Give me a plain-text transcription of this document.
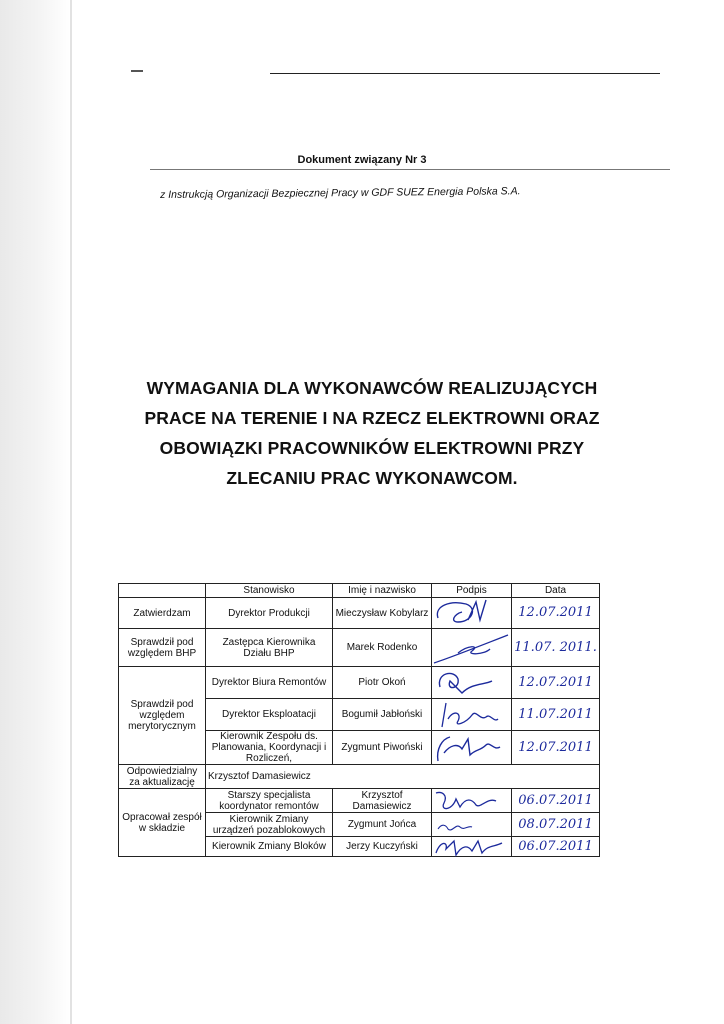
Dokument związany Nr 3
z Instrukcją Organizacji Bezpiecznej Pracy w GDF SUEZ Energia Polska S.A.
WYMAGANIA DLA WYKONAWCÓW REALIZUJĄCYCH
PRACE NA TERENIE I NA RZECZ ELEKTROWNI ORAZ
OBOWIĄZKI PRACOWNIKÓW ELEKTROWNI PRZY
ZLECANIU PRAC WYKONAWCOM.
	Stanowisko	Imię i nazwisko	Podpis	Data
Zatwierdzam	Dyrektor Produkcji	Mieczysław Kobylarz		12.07.2011
Sprawdził pod względem BHP	Zastępca Kierownika Działu BHP	Marek Rodenko		11.07. 2011.
Sprawdził pod względem merytorycznym	Dyrektor Biura Remontów	Piotr Okoń		12.07.2011
	Dyrektor Eksploatacji	Bogumił Jabłoński		11.07.2011
	Kierownik Zespołu ds. Planowania, Koordynacji i Rozliczeń,	Zygmunt Piwoński		12.07.2011
Odpowiedzialny za aktualizację	Krzysztof Damasiewicz			
Opracował zespół w składzie	Starszy specjalista koordynator remontów	Krzysztof Damasiewicz		06.07.2011
	Kierownik Zmiany urządzeń pozablokowych	Zygmunt Jońca		08.07.2011
	Kierownik Zmiany Bloków	Jerzy Kuczyński		06.07.2011
